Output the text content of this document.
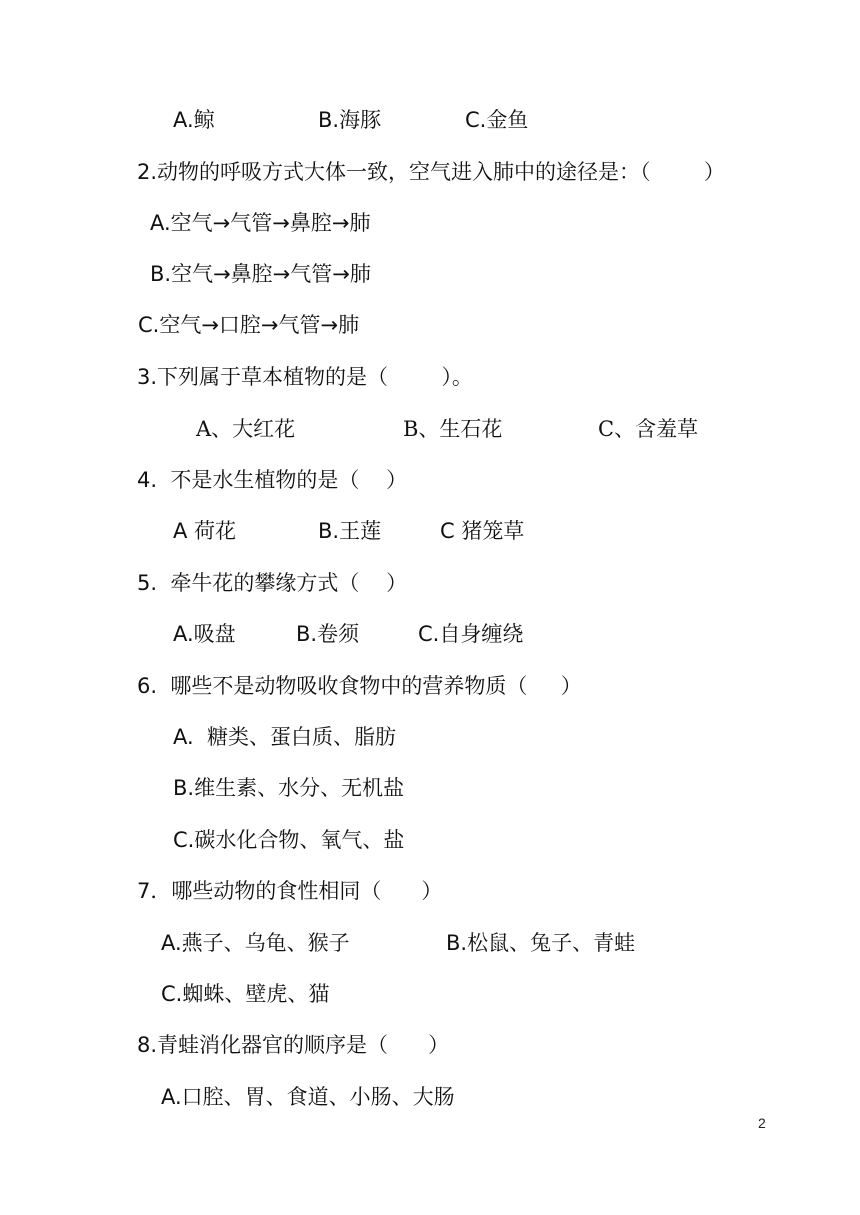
A.鲸	B.海豚	C.金鱼
2.动物的呼吸方式大体一致，空气进入肺中的途径是：（        ）
A.空气→气管→鼻腔→肺
B.空气→鼻腔→气管→肺
C.空气→口腔→气管→肺
3.下列属于草本植物的是（        ）。
A、大红花	B、生石花	C、含羞草
4.  不是水生植物的是（    ）
A 荷花	B.王莲	C 猪笼草
5.  牵牛花的攀缘方式（    ）
A.吸盘	B.卷须	C.自身缠绕
6.  哪些不是动物吸收食物中的营养物质（     ）
A.  糖类、蛋白质、脂肪
B.维生素、水分、无机盐
C.碳水化合物、氧气、盐
7．哪些动物的食性相同（      ）
A.燕子、乌龟、猴子	B.松鼠、兔子、青蛙
C.蜘蛛、壁虎、猫
8.青蛙消化器官的顺序是（      ）
A.口腔、胃、食道、小肠、大肠
2
